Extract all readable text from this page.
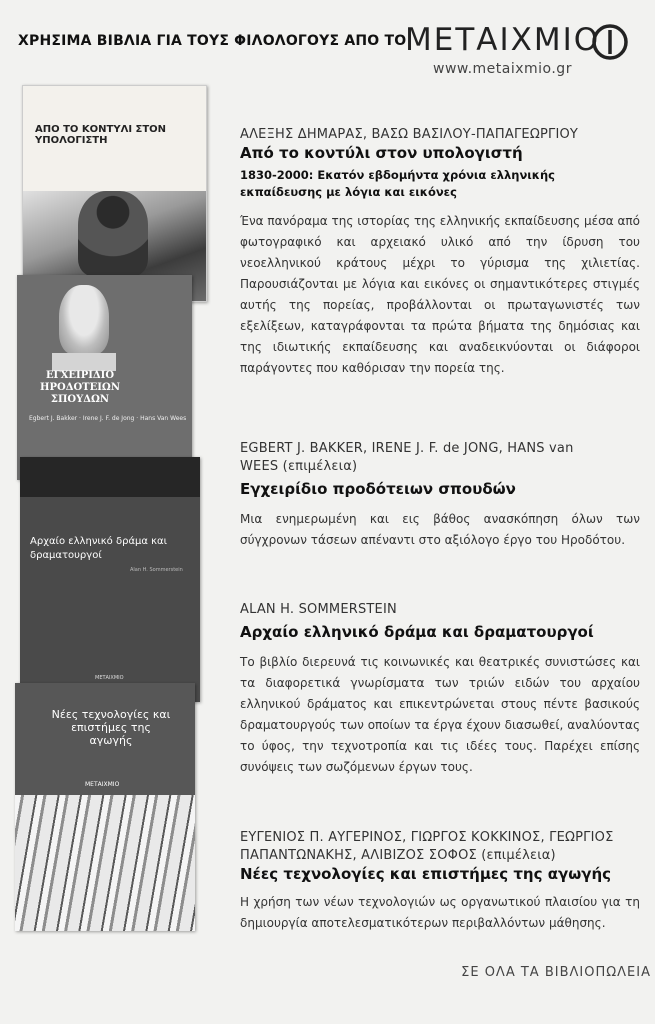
ΧΡΗΣΙΜΑ ΒΙΒΛΙΑ ΓΙΑ ΤΟΥΣ ΦΙΛΟΛΟΓΟΥΣ ΑΠΟ ΤΟ
ΜΕΤΑΙΧΜΙΟ
www.metaixmio.gr
ΑΠΟ ΤΟ ΚΟΝΤΥΛΙ ΣΤΟΝ ΥΠΟΛΟΓΙΣΤΗ
ΕΓΧΕΙΡΙΔΙΟ ΗΡΟΔΟΤΕΙΩΝ ΣΠΟΥΔΩΝ
Egbert J. Bakker · Irene J. F. de Jong · Hans Van Wees
Αρχαίο ελληνικό δράμα και δραματουργοί
Alan H. Sommerstein
ΜΕΤΑΙΧΜΙΟ
Νέες τεχνολογίες και επιστήμες της αγωγής
ΜΕΤΑΙΧΜΙΟ
ΑΛΕΞΗΣ ΔΗΜΑΡΑΣ, ΒΑΣΩ ΒΑΣΙΛΟΥ-ΠΑΠΑΓΕΩΡΓΙΟΥ
Από το κοντύλι στον υπολογιστή
1830-2000: Εκατόν εβδομήντα χρόνια ελληνικής εκπαίδευσης με λόγια και εικόνες
Ένα πανόραμα της ιστορίας της ελληνικής εκπαίδευσης μέσα από φωτογραφικό και αρχειακό υλικό από την ίδρυση του νεοελληνικού κράτους μέχρι το γύρισμα της χιλιετίας. Παρουσιάζονται με λόγια και εικόνες οι σημαντικότερες στιγμές αυτής της πορείας, προβάλλονται οι πρωταγωνιστές των εξελίξεων, καταγράφονται τα πρώτα βήματα της δημόσιας και της ιδιωτικής εκπαίδευσης και αναδεικνύονται οι διάφοροι παράγοντες που καθόρισαν την πορεία της.
EGBERT J. BAKKER, IRENE J. F. de JONG, HANS van WEES (επιμέλεια)
Εγχειρίδιο προδότειων σπουδών
Μια ενημερωμένη και εις βάθος ανασκόπηση όλων των σύγχρονων τάσεων απέναντι στο αξιόλογο έργο του Ηροδότου.
ALAN H. SOMMERSTEIN
Αρχαίο ελληνικό δράμα και δραματουργοί
Το βιβλίο διερευνά τις κοινωνικές και θεατρικές συνιστώσες και τα διαφορετικά γνωρίσματα των τριών ειδών του αρχαίου ελληνικού δράματος και επικεντρώνεται στους πέντε βασικούς δραματουργούς των οποίων τα έργα έχουν διασωθεί, αναλύοντας το ύφος, την τεχνοτροπία και τις ιδέες τους. Παρέχει επίσης συνόψεις των σωζόμενων έργων τους.
ΕΥΓΕΝΙΟΣ Π. ΑΥΓΕΡΙΝΟΣ, ΓΙΩΡΓΟΣ ΚΟΚΚΙΝΟΣ, ΓΕΩΡΓΙΟΣ ΠΑΠΑΝΤΩΝΑΚΗΣ, ΑΛΙΒΙΖΟΣ ΣΟΦΟΣ (επιμέλεια)
Νέες τεχνολογίες και επιστήμες της αγωγής
Η χρήση των νέων τεχνολογιών ως οργανωτικού πλαισίου για τη δημιουργία αποτελεσματικότερων περιβαλλόντων μάθησης.
ΣΕ ΟΛΑ ΤΑ ΒΙΒΛΙΟΠΩΛΕΙΑ
